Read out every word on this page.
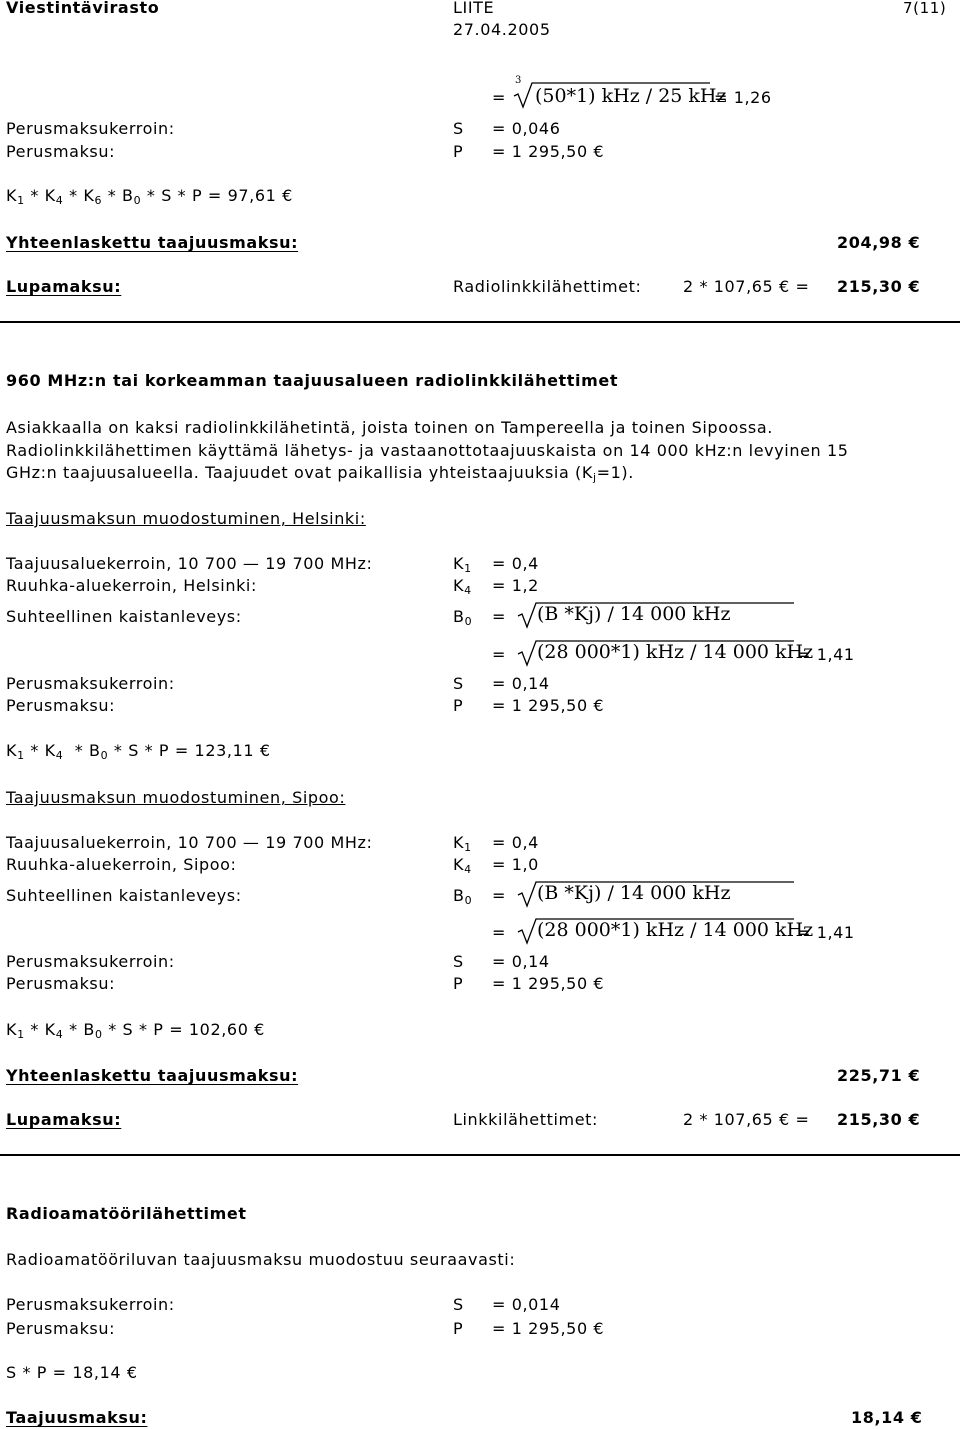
Viestintävirasto	LIITE
27.04.2005
7(11)
=
3
(50*1) kHz / 25 kHz
= 1,26
Perusmaksukerroin:	S = 0,046
Perusmaksu:	P = 1 295,50 €
$K_1 * K_4 * K_6 * B_0 * S * P = 97,61$ €
Yhteenlaskettu taajuusmaksu:	204,98 €
Lupamaksu:	Radiolinkkilähettimet:	2 * 107,65 € = 215,30 €
960 MHz:n tai korkeamman taajuusalueen radiolinkkilähettimet
Asiakkaalla on kaksi radiolinkkilähetintä, joista toinen on Tampereella ja toinen Sipoossa.
Radiolinkkilähettimen käyttämä lähetys- ja vastaanottotaajuuskaista on 14 000 kHz:n levyinen 15
GHz:n taajuusalueella. Taajuudet ovat paikallisia yhteistaajuuksia $(K_j=1)$.
Taajuusmaksun muodostuminen, Helsinki:
Taajuusaluekerroin, 10 700 — 19 700 MHz:	$K_1 = 0,4$
Ruuhka-aluekerroin, Helsinki:	$K_4 = 1,2$
Suhteellinen kaistanleveys:	$B_0 = (B$ *Kj) / 14 000 kHz
= (28 000*1) kHz / 14 000 kHz
= 1,41
Perusmaksukerroin:	S = 0,14
Perusmaksu:	P = 1 295,50 €
$K_1 * K_4 * B_0 * S * P = 123,11$ €
Taajuusmaksun muodostuminen, Sipoo:
Taajuusaluekerroin, 10 700 — 19 700 MHz:	$K_1 = 0,4$
Ruuhka-aluekerroin, Sipoo:	$K_4 = 1,0$
Suhteellinen kaistanleveys:	$B_0 = (B$ *Kj) / 14 000 kHz
= (28 000*1) kHz / 14 000 kHz
= 1,41
Perusmaksukerroin:	S = 0,14
Perusmaksu:	P = 1 295,50 €
$K_1 * K_4 * B_0 * S * P = 102,60$ €
Yhteenlaskettu taajuusmaksu:	225,71 €
Lupamaksu:	Linkkilähettimet:	2 * 107,65 € = 215,30 €
Radioamatöörilähettimet
Radioamatööriluvan taajuusmaksu muodostuu seuraavasti:
Perusmaksukerroin:	S = 0,014
Perusmaksu:	P = 1 295,50 €
S * P = 18,14 €
Taajuusmaksu:	18,14 €
